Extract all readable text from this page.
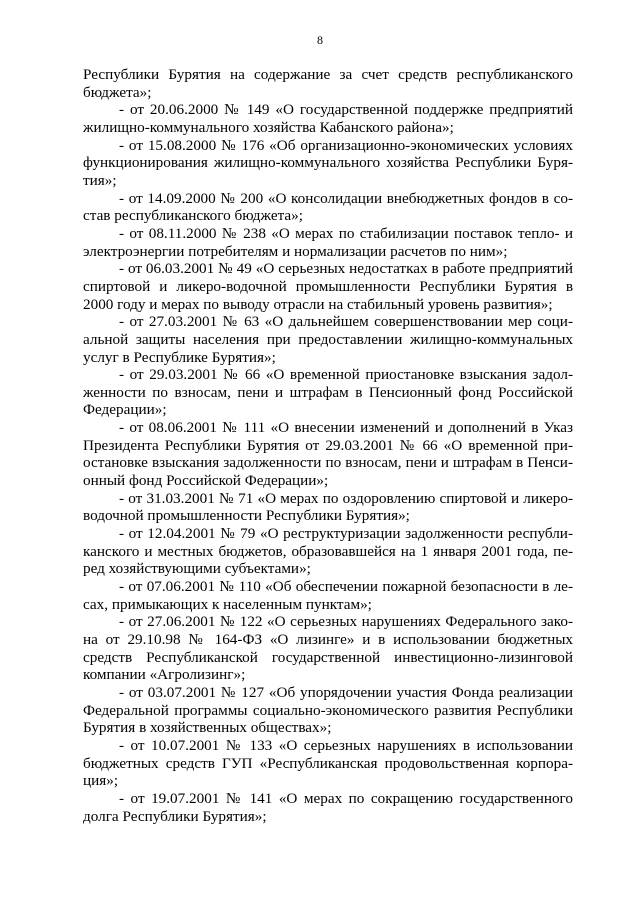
8

Республики Бурятия на содержание за счет средств республиканского бюджета»;

- от 20.06.2000 № 149 «О государственной поддержке предприятий жилищно-коммунального хозяйства Кабанского района»;

- от 15.08.2000 № 176 «Об организационно-экономических условиях функционирования жилищно-коммунального хозяйства Республики Бурятия»;

- от 14.09.2000 № 200 «О консолидации внебюджетных фондов в состав республиканского бюджета»;

- от 08.11.2000 № 238 «О мерах по стабилизации поставок тепло- и электроэнергии потребителям и нормализации расчетов по ним»;

- от 06.03.2001 № 49 «О серьезных недостатках в работе предприятий спиртовой и ликеро-водочной промышленности Республики Бурятия в 2000 году и мерах по выводу отрасли на стабильный уровень развития»;

- от 27.03.2001 № 63 «О дальнейшем совершенствовании мер социальной защиты населения при предоставлении жилищно-коммунальных услуг в Республике Бурятия»;

- от 29.03.2001 № 66 «О временной приостановке взыскания задолженности по взносам, пени и штрафам в Пенсионный фонд Российской Федерации»;

- от 08.06.2001 № 111 «О внесении изменений и дополнений в Указ Президента Республики Бурятия от 29.03.2001 № 66 «О временной приостановке взыскания задолженности по взносам, пени и штрафам в Пенсионный фонд Российской Федерации»;

- от 31.03.2001 № 71 «О мерах по оздоровлению спиртовой и ликероводочной промышленности Республики Бурятия»;

- от 12.04.2001 № 79 «О реструктуризации задолженности республиканского и местных бюджетов, образовавшейся на 1 января 2001 года, перед хозяйствующими субъектами»;

- от 07.06.2001 № 110 «Об обеспечении пожарной безопасности в лесах, примыкающих к населенным пунктам»;

- от 27.06.2001 № 122 «О серьезных нарушениях Федерального закона от 29.10.98 № 164-ФЗ «О лизинге» и в использовании бюджетных средств Республиканской государственной инвестиционно-лизинговой компании «Агролизинг»;

- от 03.07.2001 № 127 «Об упорядочении участия Фонда реализации Федеральной программы социально-экономического развития Республики Бурятия в хозяйственных обществах»;

- от 10.07.2001 № 133 «О серьезных нарушениях в использовании бюджетных средств ГУП «Республиканская продовольственная корпорация»;

- от 19.07.2001 № 141 «О мерах по сокращению государственного долга Республики Бурятия»;
